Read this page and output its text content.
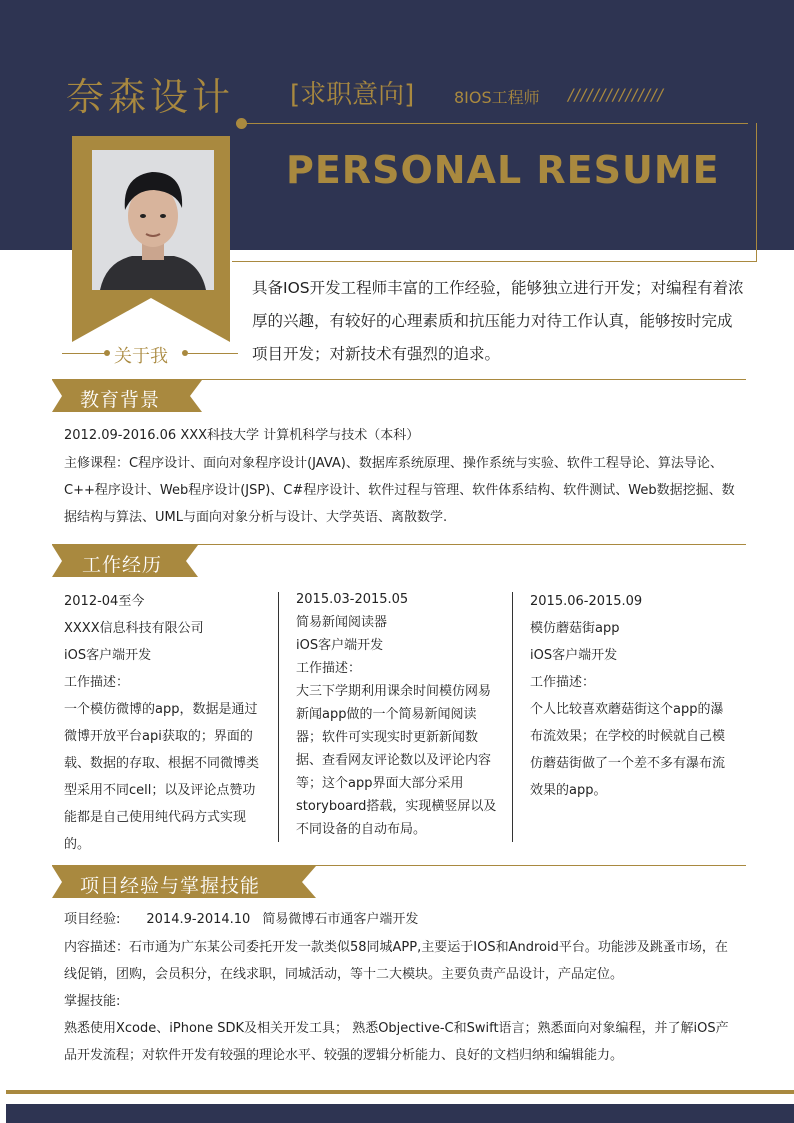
奈森设计 [求职意向] 8IOS工程师 ///////////////
PERSONAL RESUME
关于我
具备IOS开发工程师丰富的工作经验，能够独立进行开发；对编程有着浓厚的兴趣，有较好的心理素质和抗压能力对待工作认真，能够按时完成项目开发；对新技术有强烈的追求。
教育背景
2012.09-2016.06 XXX科技大学 计算机科学与技术（本科）
主修课程：C程序设计、面向对象程序设计(JAVA)、数据库系统原理、操作系统与实验、软件工程导论、算法导论、 C++程序设计、Web程序设计(JSP)、C#程序设计、软件过程与管理、软件体系结构、软件测试、Web数据挖掘、数据结构与算法、UML与面向对象分析与设计、大学英语、离散数学.
工作经历
2012-04至今
XXXX信息科技有限公司
iOS客户端开发
工作描述：
一个模仿微博的app，数据是通过微博开放平台api获取的；界面的载、数据的存取、根据不同微博类型采用不同cell；以及评论点赞功能都是自己使用纯代码方式实现的。
2015.03-2015.05
简易新闻阅读器
iOS客户端开发
工作描述：
大三下学期利用课余时间模仿网易新闻app做的一个简易新闻阅读器；软件可实现实时更新新闻数据、查看网友评论数以及评论内容等；这个app界面大部分采用storyboard搭载，实现横竖屏以及不同设备的自动布局。
2015.06-2015.09
模仿蘑菇街app
iOS客户端开发
工作描述：
个人比较喜欢蘑菇街这个app的瀑布流效果；在学校的时候就自己模仿蘑菇街做了一个差不多有瀑布流效果的app。
项目经验与掌握技能
项目经验: 2014.9-2014.10 简易微博石市通客户端开发
内容描述：石市通为广东某公司委托开发一款类似58同城APP,主要运于IOS和Android平台。功能涉及跳蚤市场，在线促销，团购，会员积分，在线求职，同城活动，等十二大模块。主要负责产品设计，产品定位。
掌握技能:
熟悉使用Xcode、iPhone SDK及相关开发工具； 熟悉Objective-C和Swift语言；熟悉面向对象编程，并了解iOS产品开发流程；对软件开发有较强的理论水平、较强的逻辑分析能力、良好的文档归纳和编辑能力。
